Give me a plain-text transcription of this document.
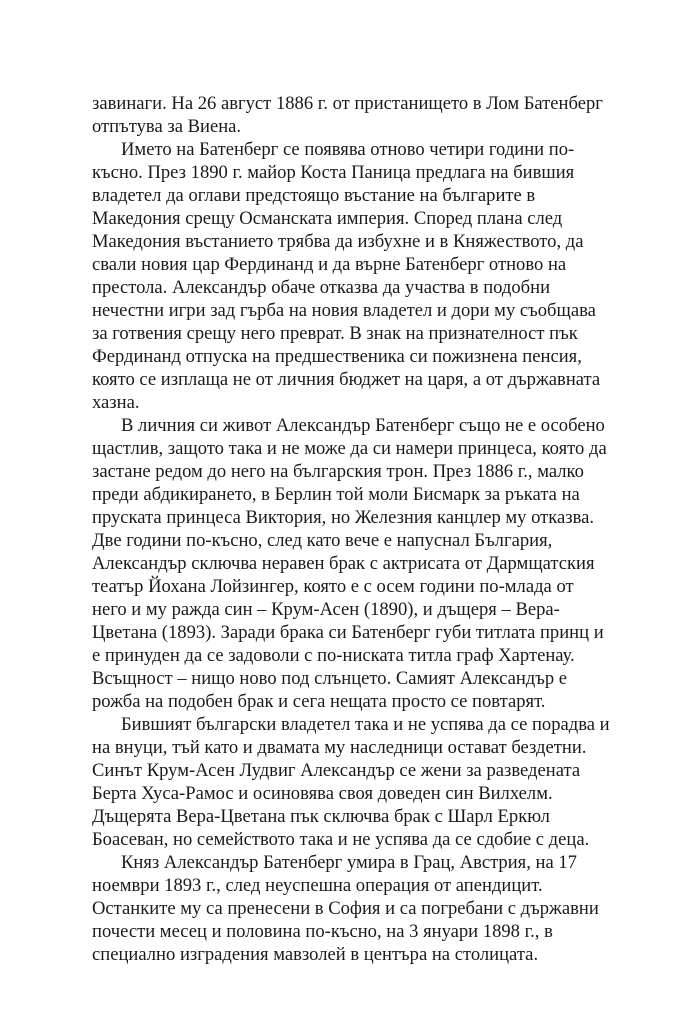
завинаги. На 26 август 1886 г. от пристанището в Лом Батенберг
отпътува за Виена.

Името на Батенберг се появява отново четири години по-
късно. През 1890 г. майор Коста Паница предлага на бившия
владетел да оглави предстоящо въстание на българите в
Македония срещу Османската империя. Според плана след
Македония въстанието трябва да избухне и в Княжеството, да
свали новия цар Фердинанд и да върне Батенберг отново на
престола. Александър обаче отказва да участва в подобни
нечестни игри зад гърба на новия владетел и дори му съобщава
за готвения срещу него преврат. В знак на признателност пък
Фердинанд отпуска на предшественика си пожизнена пенсия,
която се изплаща не от личния бюджет на царя, а от държавната
хазна.

В личния си живот Александър Батенберг също не е особено
щастлив, защото така и не може да си намери принцеса, която да
застане редом до него на българския трон. През 1886 г., малко
преди абдикирането, в Берлин той моли Бисмарк за ръката на
пруската принцеса Виктория, но Железния канцлер му отказва.
Две години по-късно, след като вече е напуснал България,
Александър сключва неравен брак с актрисата от Дармщатския
театър Йохана Лойзингер, която е с осем години по-млада от
него и му ражда син – Крум-Асен (1890), и дъщеря – Вера-
Цветана (1893). Заради брака си Батенберг губи титлата принц и
е принуден да се задоволи с по-ниската титла граф Хартенау.
Всъщност – нищо ново под слънцето. Самият Александър е
рожба на подобен брак и сега нещата просто се повтарят.

Бившият български владетел така и не успява да се порадва и
на внуци, тъй като и двамата му наследници остават бездетни.
Синът Крум-Асен Лудвиг Александър се жени за разведената
Берта Хуса-Рамос и осиновява своя доведен син Вилхелм.
Дъщерята Вера-Цветана пък сключва брак с Шарл Еркюл
Боасеван, но семейството така и не успява да се сдобие с деца.

Княз Александър Батенберг умира в Грац, Австрия, на 17
ноември 1893 г., след неуспешна операция от апендицит.
Останките му са пренесени в София и са погребани с държавни
почести месец и половина по-късно, на 3 януари 1898 г., в
специално изградения мавзолей в центъра на столицата.
